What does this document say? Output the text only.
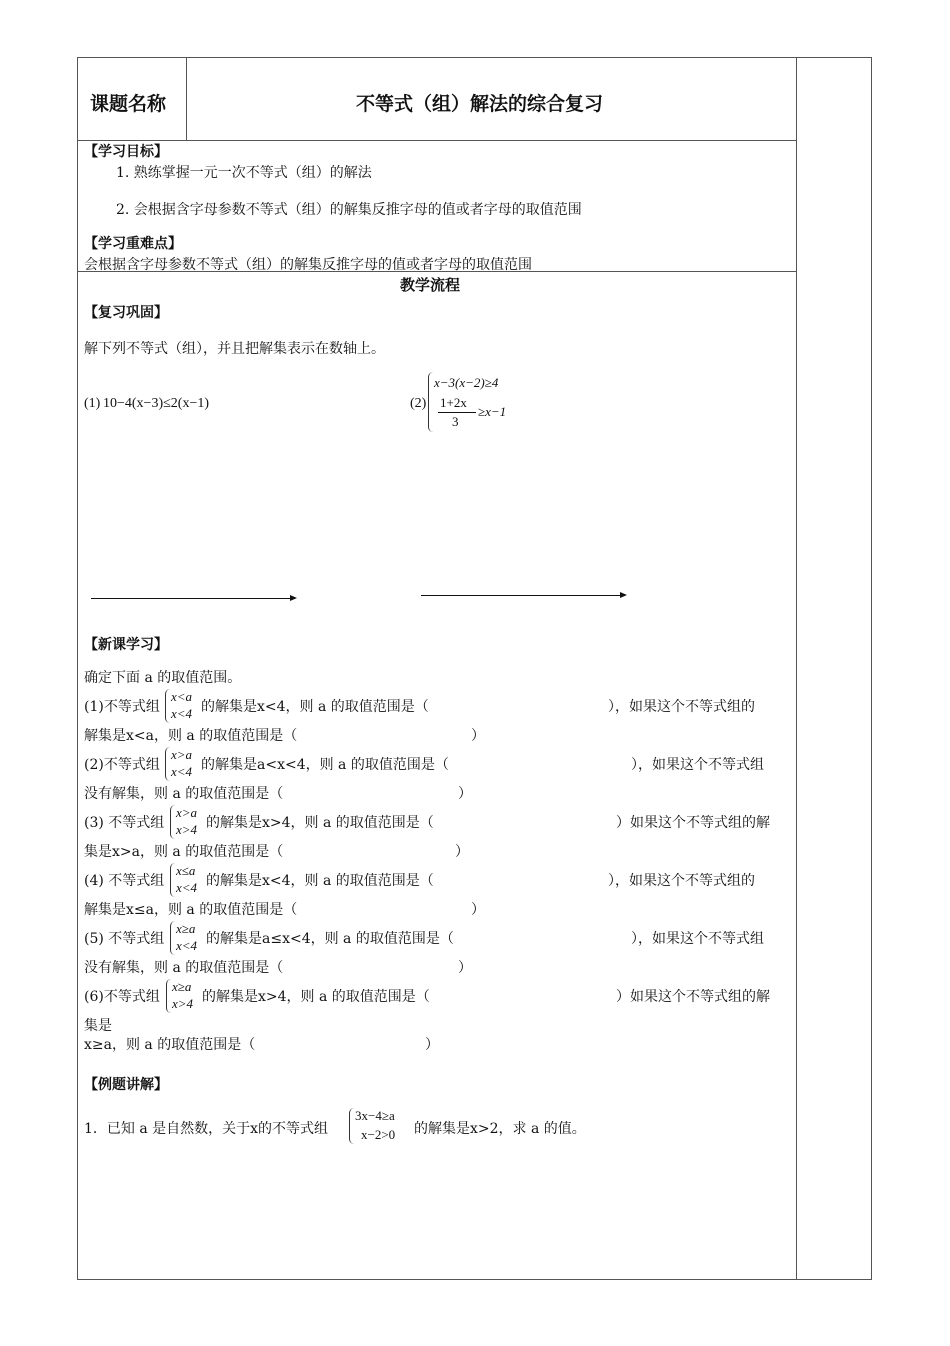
课题名称	不等式（组）解法的综合复习
【学习目标】
1. 熟练掌握一元一次不等式（组）的解法
2. 会根据含字母参数不等式（组）的解集反推字母的值或者字母的取值范围
【学习重难点】
会根据含字母参数不等式（组）的解集反推字母的值或者字母的取值范围
教学流程
【复习巩固】
解下列不等式（组），并且把解集表示在数轴上。
(1) 10−4(x−3)≤2(x−1)	(2)
x−3(x−2)≥4
1+2x
3
≥x−1
【新课学习】
确定下面 a 的取值范围。
(1)不等式组
x<a
x<4 的解集是x<4，则 a 的取值范围是（	），如果这个不等式组的
解集是x<a，则 a 的取值范围是（	）
(2)不等式组
x>a
x<4 的解集是a<x<4，则 a 的取值范围是（	），如果这个不等式组
没有解集，则 a 的取值范围是（	）
(3) 不等式组
x>a
x>4 的解集是x>4，则 a 的取值范围是（	）如果这个不等式组的解
集是x>a，则 a 的取值范围是（	）
(4) 不等式组
x≤a
x<4 的解集是x<4，则 a 的取值范围是（	），如果这个不等式组的
解集是x≤a，则 a 的取值范围是（	）
(5) 不等式组
x≥a
x<4 的解集是a≤x<4，则 a 的取值范围是（	），如果这个不等式组
没有解集，则 a 的取值范围是（	）
(6)不等式组
x≥a
x>4 的解集是x>4，则 a 的取值范围是（	）如果这个不等式组的解
集是
x≥a，则 a 的取值范围是（	）
【例题讲解】
1．已知 a 是自然数，关于x的不等式组
3x−4≥a
x−2>0 的解集是x>2，求 a 的值。
